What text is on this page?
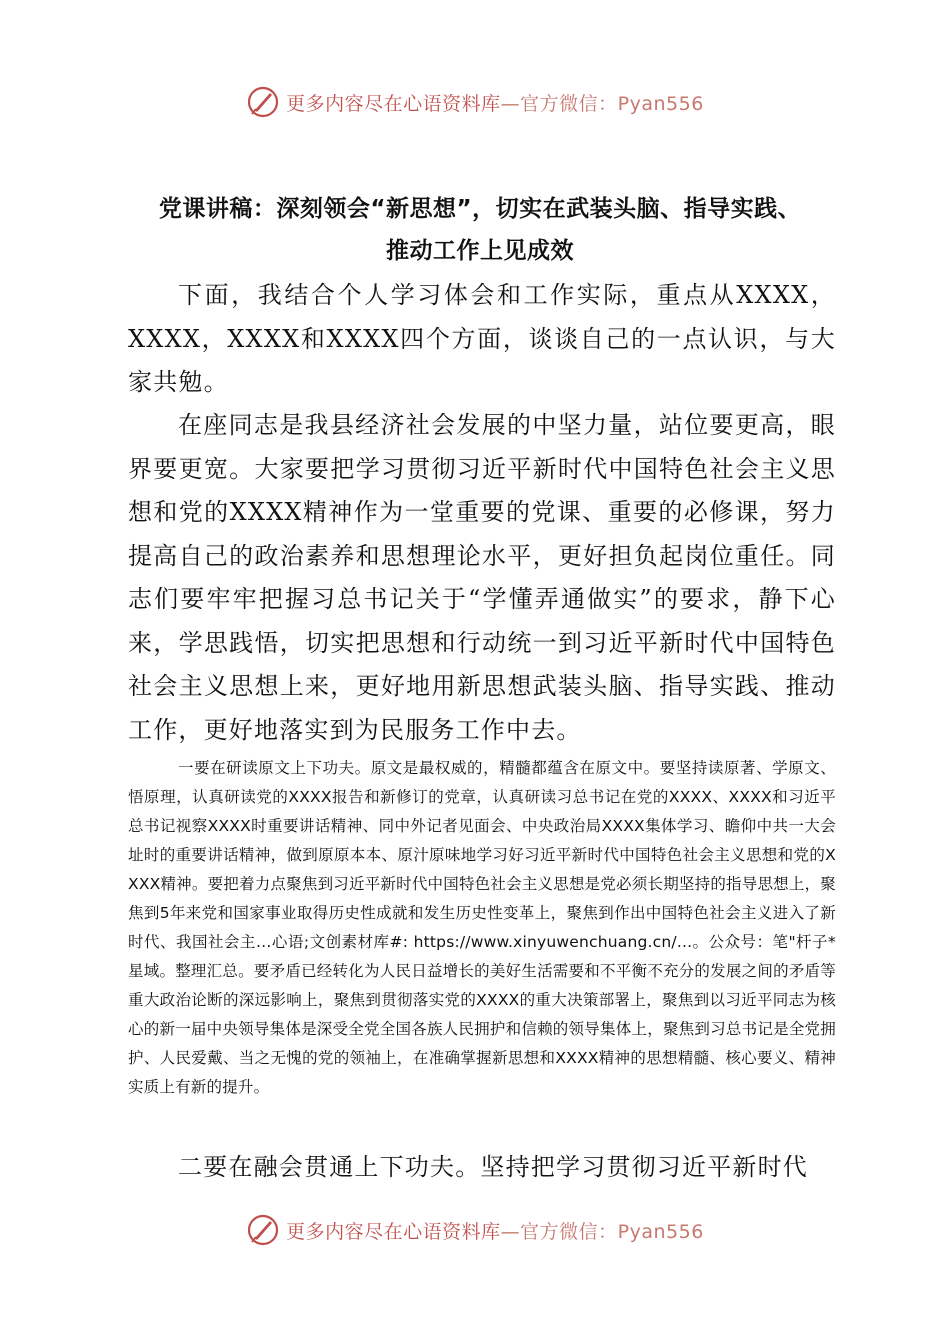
更多内容尽在心语资料库—官方微信：Pyan556
党课讲稿：深刻领会“新思想”，切实在武装头脑、指导实践、
推动工作上见成效

下面，我结合个人学习体会和工作实际，重点从XXXX，XXXX，XXXX和XXXX四个方面，谈谈自己的一点认识，与大家共勉。

在座同志是我县经济社会发展的中坚力量，站位要更高，眼界要更宽。大家要把学习贯彻习近平新时代中国特色社会主义思想和党的XXXX精神作为一堂重要的党课、重要的必修课，努力提高自己的政治素养和思想理论水平，更好担负起岗位重任。同志们要牢牢把握习总书记关于“学懂弄通做实”的要求，静下心来，学思践悟，切实把思想和行动统一到习近平新时代中国特色社会主义思想上来，更好地用新思想武装头脑、指导实践、推动工作，更好地落实到为民服务工作中去。

一要在研读原文上下功夫。原文是最权威的，精髓都蕴含在原文中。要坚持读原著、学原文、悟原理，认真研读党的XXXX报告和新修订的党章，认真研读习总书记在党的XXXX、XXXX和习近平总书记视察XXXX时重要讲话精神、同中外记者见面会、中央政治局XXXX集体学习、瞻仰中共一大会址时的重要讲话精神，做到原原本本、原汁原味地学习好习近平新时代中国特色社会主义思想和党的XXXX精神。要把着力点聚焦到习近平新时代中国特色社会主义思想是党必须长期坚持的指导思想上，聚焦到5年来党和国家事业取得历史性成就和发生历史性变革上，聚焦到作出中国特色社会主义进入了新时代、我国社会主…心语;文创素材库#: https://www.xinyuwenchuang.cn/...。公众号：笔"杆子*星域。整理汇总。要矛盾已经转化为人民日益增长的美好生活需要和不平衡不充分的发展之间的矛盾等重大政治论断的深远影响上，聚焦到贯彻落实党的XXXX的重大决策部署上，聚焦到以习近平同志为核心的新一届中央领导集体是深受全党全国各族人民拥护和信赖的领导集体上，聚焦到习总书记是全党拥护、人民爱戴、当之无愧的党的领袖上，在准确掌握新思想和XXXX精神的思想精髓、核心要义、精神实质上有新的提升。

二要在融会贯通上下功夫。坚持把学习贯彻习近平新时代

更多内容尽在心语资料库—官方微信：Pyan556
